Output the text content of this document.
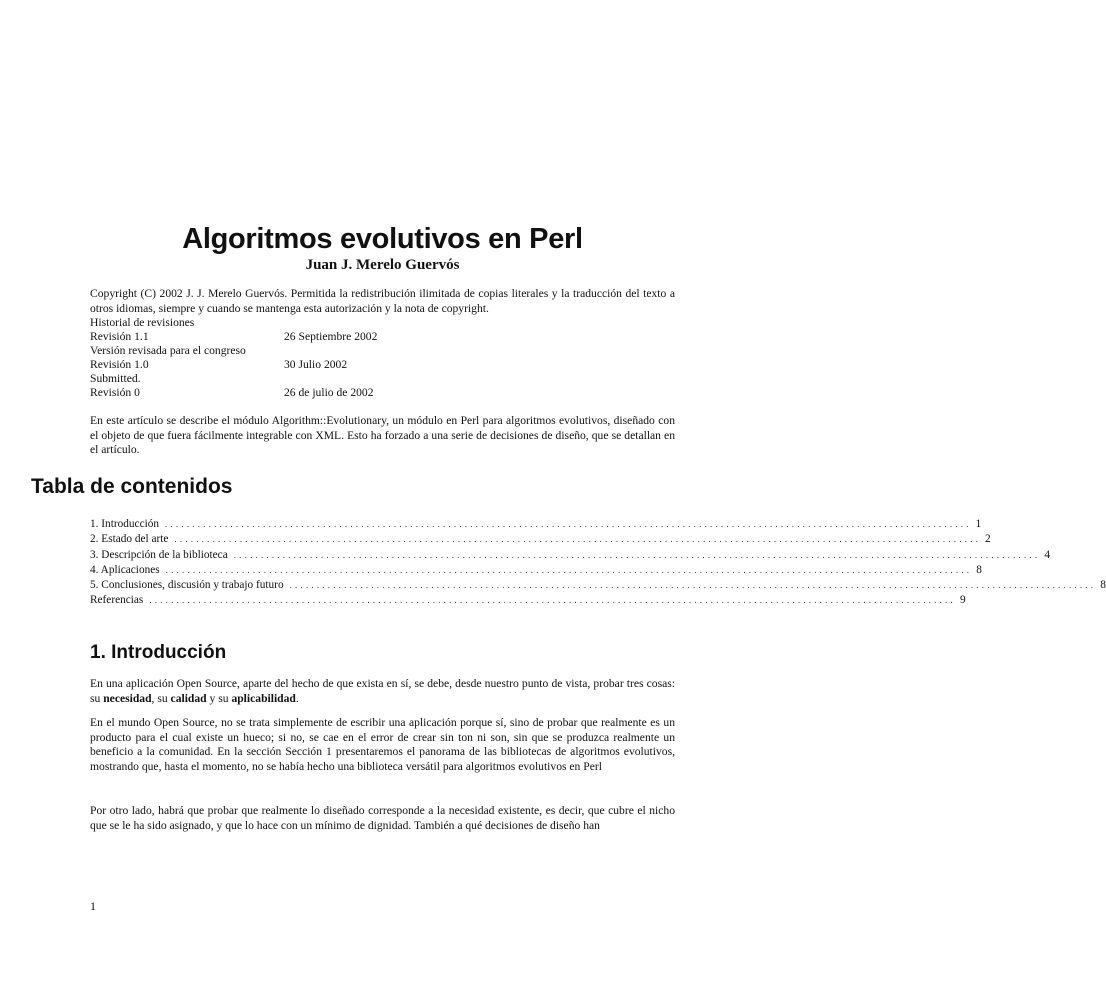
Algoritmos evolutivos en Perl
Juan J. Merelo Guervós
Copyright (C) 2002 J. J. Merelo Guervós. Permitida la redistribución ilimitada de copias literales y la traducción del texto a otros idiomas, siempre y cuando se mantenga esta autorización y la nota de copyright.
Historial de revisiones
Revisión 1.1	26 Septiembre 2002
Versión revisada para el congreso
Revisión 1.0	30 Julio 2002
Submitted.
Revisión 0	26 de julio de 2002
En este artículo se describe el módulo Algorithm::Evolutionary, un módulo en Perl para algoritmos evolutivos, diseñado con el objeto de que fuera fácilmente integrable con XML. Esto ha forzado a una serie de decisiones de diseño, que se detallan en el artículo.
Tabla de contenidos
1. Introducción .................................................................................................................................................... 1
2. Estado del arte .................................................................................................................................................... 2
3. Descripción de la biblioteca .................................................................................................................................................... 4
4. Aplicaciones .................................................................................................................................................... 8
5. Conclusiones, discusión y trabajo futuro .................................................................................................................................................... 8
Referencias .................................................................................................................................................... 9
1. Introducción
En una aplicación Open Source, aparte del hecho de que exista en sí, se debe, desde nuestro punto de vista, probar tres cosas: su necesidad, su calidad y su aplicabilidad.
En el mundo Open Source, no se trata simplemente de escribir una aplicación porque sí, sino de probar que realmente es un producto para el cual existe un hueco; si no, se cae en el error de crear sin ton ni son, sin que se produzca realmente un beneficio a la comunidad. En la sección Sección 1 presentaremos el panorama de las bibliotecas de algoritmos evolutivos, mostrando que, hasta el momento, no se había hecho una biblioteca versátil para algoritmos evolutivos en Perl
Por otro lado, habrá que probar que realmente lo diseñado corresponde a la necesidad existente, es decir, que cubre el nicho que se le ha sido asignado, y que lo hace con un mínimo de dignidad. También a qué decisiones de diseño han
1
